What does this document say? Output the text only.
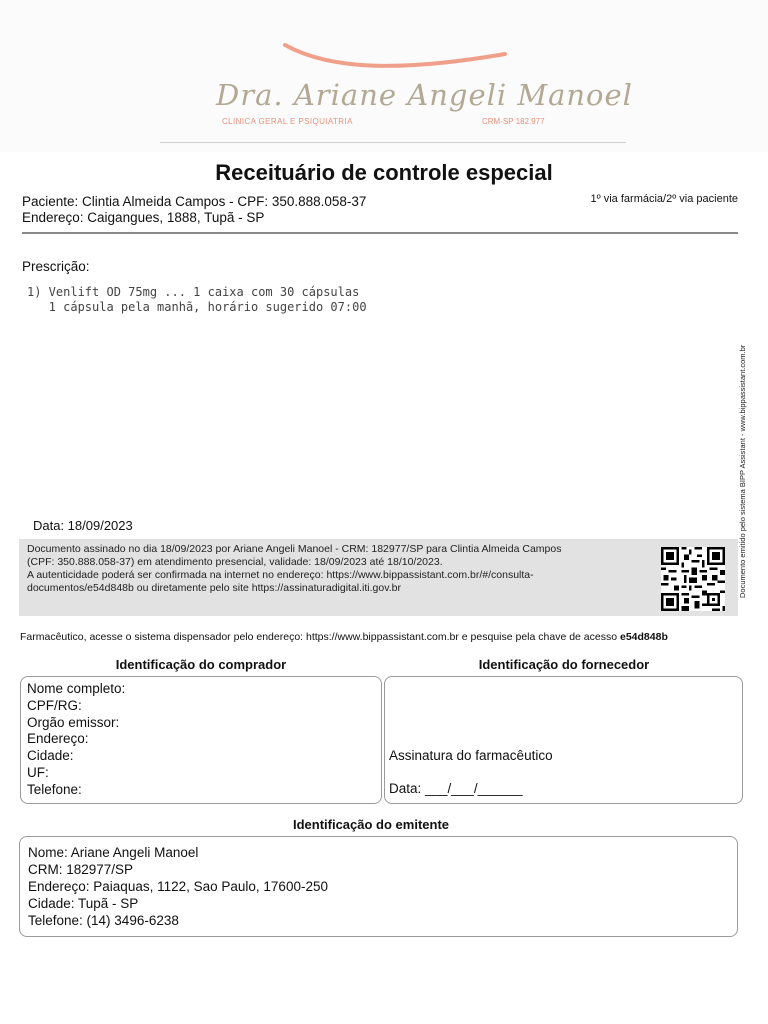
Dra. Ariane Angeli Manoel
CLINICA GERAL E PSIQUIATRIA	CRM-SP 182.977
Receituário de controle especial
Paciente: Clintia Almeida Campos - CPF: 350.888.058-37
Endereço: Caigangues, 1888, Tupã - SP
1º via farmácia/2º via paciente
Prescrição:
1) Venlift OD 75mg ... 1 caixa com 30 cápsulas
1 cápsula pela manhã, horário sugerido 07:00
Documento emitido pelo sistema BIPP Assistant - www.bippassistant.com.br
Data: 18/09/2023
Documento assinado no dia 18/09/2023 por Ariane Angeli Manoel - CRM: 182977/SP para Clintia Almeida Campos
(CPF: 350.888.058-37) em atendimento presencial, validade: 18/09/2023 até 18/10/2023.
A autenticidade poderá ser confirmada na internet no endereço: https://www.bippassistant.com.br/#/consulta-
documentos/e54d848b ou diretamente pelo site https://assinaturadigital.iti.gov.br
Farmacêutico, acesse o sistema dispensador pelo endereço: https://www.bippassistant.com.br e pesquise pela chave de acesso e54d848b
Identificação do comprador	Identificação do fornecedor
Nome completo:
CPF/RG:
Orgão emissor:
Endereço:
Cidade:
UF:
Telefone:
Assinatura do farmacêutico
Data: ___/___/______
Identificação do emitente
Nome: Ariane Angeli Manoel
CRM: 182977/SP
Endereço: Paiaquas, 1122, Sao Paulo, 17600-250
Cidade: Tupã - SP
Telefone: (14) 3496-6238
